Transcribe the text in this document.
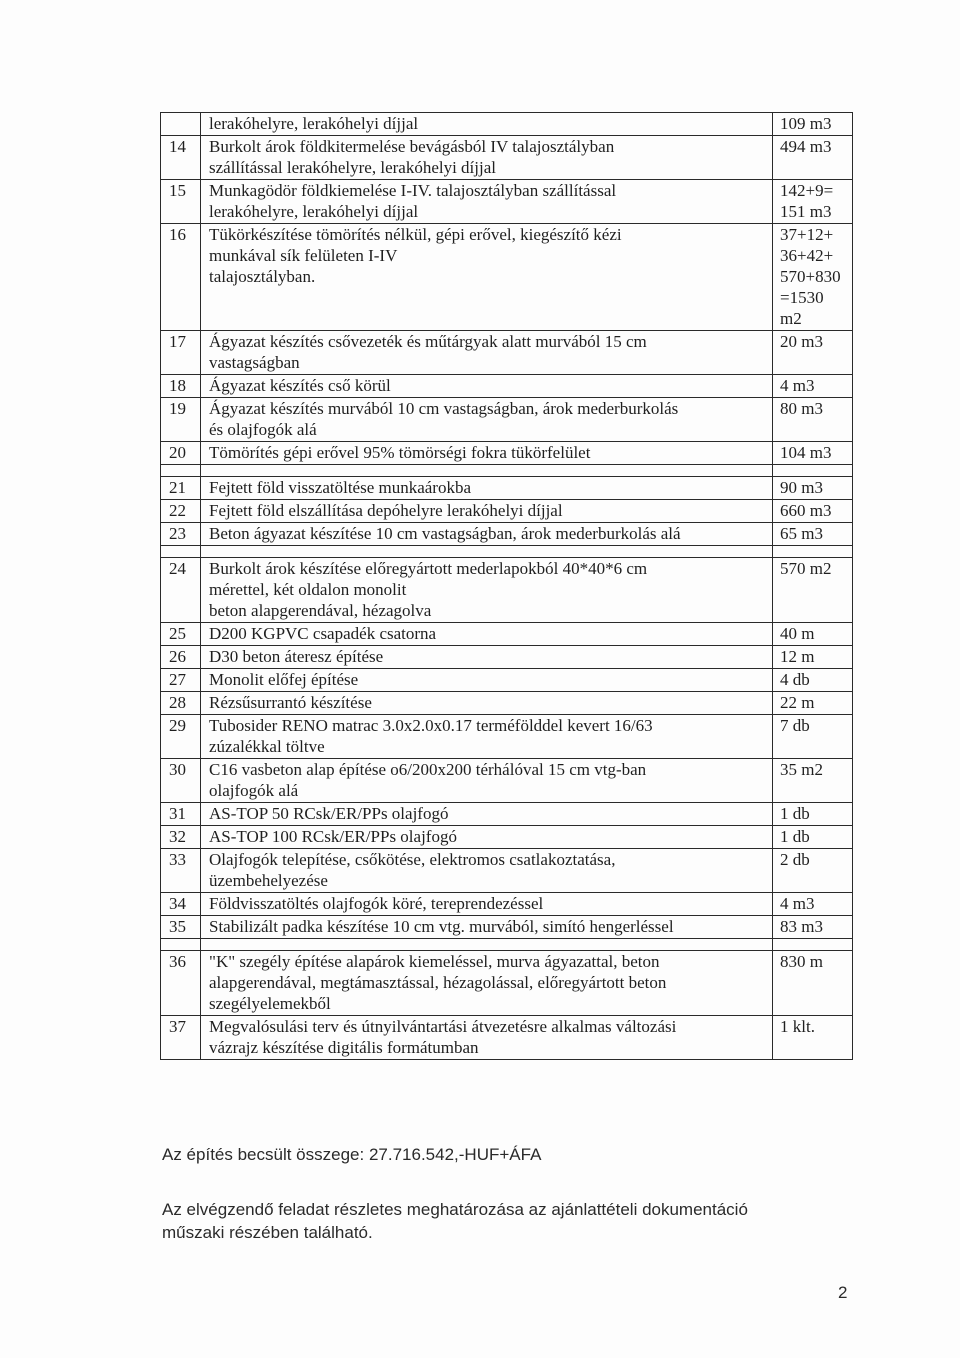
	lerakóhelyre, lerakóhelyi díjjal	109 m3
14	Burkolt árok földkitermelése bevágásból IV talajosztályban
szállítással lerakóhelyre, lerakóhelyi díjjal	494 m3
15	Munkagödör földkiemelése I-IV. talajosztályban szállítással
lerakóhelyre, lerakóhelyi díjjal	142+9=
151 m3
16	Tükörkészítése tömörítés nélkül, gépi erővel, kiegészítő kézi
munkával sík felületen I-IV
talajosztályban.	37+12+
36+42+
570+830
=1530
m2
17	Ágyazat készítés csővezeték és műtárgyak alatt murvából 15 cm
vastagságban	20 m3
18	Ágyazat készítés cső körül	4 m3
19	Ágyazat készítés murvából 10 cm vastagságban, árok mederburkolás
és olajfogók alá	80 m3
20	Tömörítés gépi erővel 95% tömörségi fokra tükörfelület	104 m3

21	Fejtett föld visszatöltése munkaárokba	90 m3
22	Fejtett föld elszállítása depóhelyre lerakóhelyi díjjal	660 m3
23	Beton ágyazat készítése 10 cm vastagságban, árok mederburkolás alá	65 m3

24	Burkolt árok készítése előregyártott mederlapokból 40*40*6 cm
mérettel, két oldalon monolit
beton alapgerendával, hézagolva	570 m2
25	D200 KGPVC csapadék csatorna	40 m
26	D30 beton áteresz építése	12 m
27	Monolit előfej építése	4 db
28	Rézsűsurrantó készítése	22 m
29	Tubosider RENO matrac 3.0x2.0x0.17 terméfölddel kevert 16/63
zúzalékkal töltve	7 db
30	C16 vasbeton alap építése o6/200x200 térhálóval 15 cm vtg-ban
olajfogók alá	35 m2
31	AS-TOP 50 RCsk/ER/PPs olajfogó	1 db
32	AS-TOP 100 RCsk/ER/PPs olajfogó	1 db
33	Olajfogók telepítése, csőkötése, elektromos csatlakoztatása,
üzembehelyezése	2 db
34	Földvisszatöltés olajfogók köré, tereprendezéssel	4 m3
35	Stabilizált padka készítése 10 cm vtg. murvából, simító hengerléssel	83 m3

36	"K" szegély építése alapárok kiemeléssel, murva ágyazattal, beton
alapgerendával, megtámasztással, hézagolással, előregyártott beton
szegélyelemekből	830 m
37	Megvalósulási terv és útnyilvántartási átvezetésre alkalmas változási
vázrajz készítése digitális formátumban	1 klt.

Az építés becsült összege: 27.716.542,-HUF+ÁFA

Az elvégzendő feladat részletes meghatározása az ajánlattételi dokumentáció
műszaki részében található.

2
